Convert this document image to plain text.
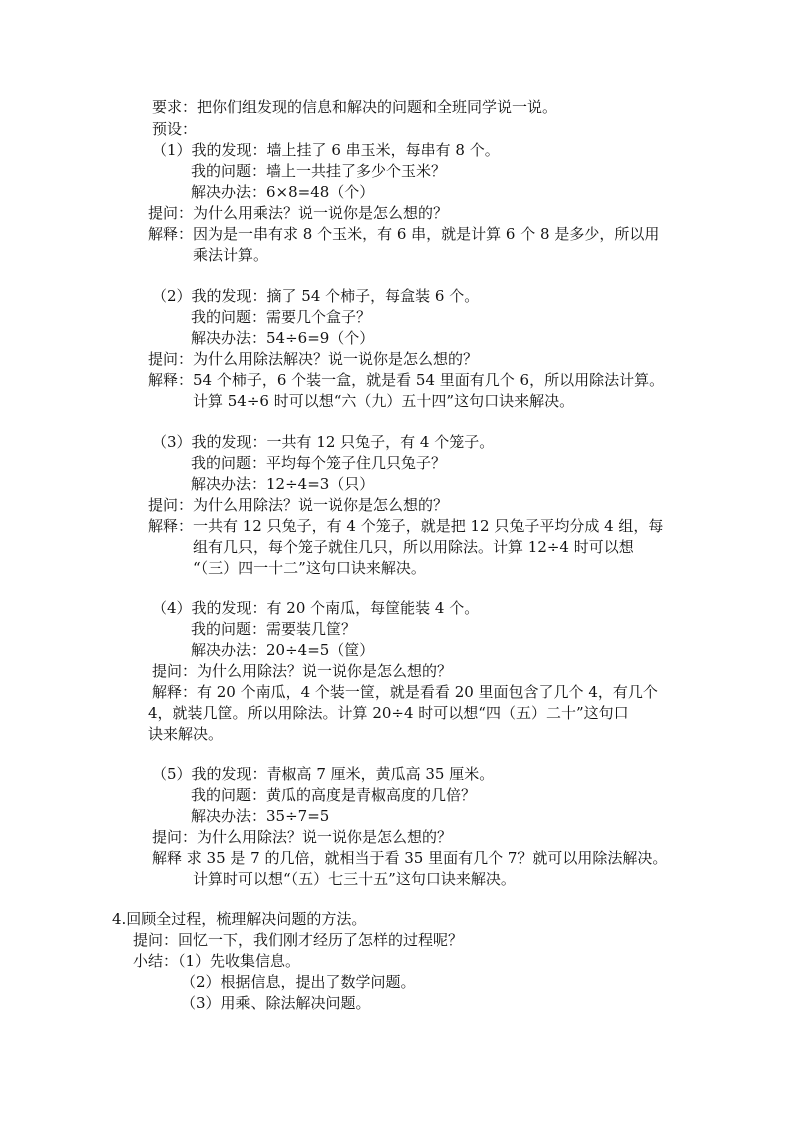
要求：把你们组发现的信息和解决的问题和全班同学说一说。
预设：
（1）我的发现：墙上挂了 6 串玉米，每串有 8 个。
我的问题：墙上一共挂了多少个玉米？
解决办法：6×8=48（个）
提问：为什么用乘法？说一说你是怎么想的？
解释：因为是一串有求 8 个玉米，有 6 串，就是计算 6 个 8 是多少，所以用
乘法计算。
（2）我的发现：摘了 54 个柿子，每盒装 6 个。
我的问题：需要几个盒子？
解决办法：54÷6=9（个）
提问：为什么用除法解决？说一说你是怎么想的？
解释：54 个柿子，6 个装一盒，就是看 54 里面有几个 6，所以用除法计算。
计算 54÷6 时可以想“六（九）五十四”这句口诀来解决。
（3）我的发现：一共有 12 只兔子，有 4 个笼子。
我的问题：平均每个笼子住几只兔子？
解决办法：12÷4=3（只）
提问：为什么用除法？说一说你是怎么想的？
解释：一共有 12 只兔子，有 4 个笼子，就是把 12 只兔子平均分成 4 组，每
组有几只，每个笼子就住几只，所以用除法。计算 12÷4 时可以想
“（三）四一十二”这句口诀来解决。
（4）我的发现：有 20 个南瓜，每筐能装 4 个。
我的问题：需要装几筐？
解决办法：20÷4=5（筐）
提问：为什么用除法？说一说你是怎么想的？
解释：有 20 个南瓜，4 个装一筐，就是看看 20 里面包含了几个 4，有几个
4，就装几筐。所以用除法。计算 20÷4 时可以想“四（五）二十”这句口
诀来解决。
（5）我的发现：青椒高 7 厘米，黄瓜高 35 厘米。
我的问题：黄瓜的高度是青椒高度的几倍？
解决办法：35÷7=5
提问：为什么用除法？说一说你是怎么想的？
解释 求 35 是 7 的几倍，就相当于看 35 里面有几个 7？就可以用除法解决。
计算时可以想“（五）七三十五”这句口诀来解决。
4.回顾全过程，梳理解决问题的方法。
提问：回忆一下，我们刚才经历了怎样的过程呢？
小结：（1）先收集信息。
（2）根据信息，提出了数学问题。
（3）用乘、除法解决问题。
